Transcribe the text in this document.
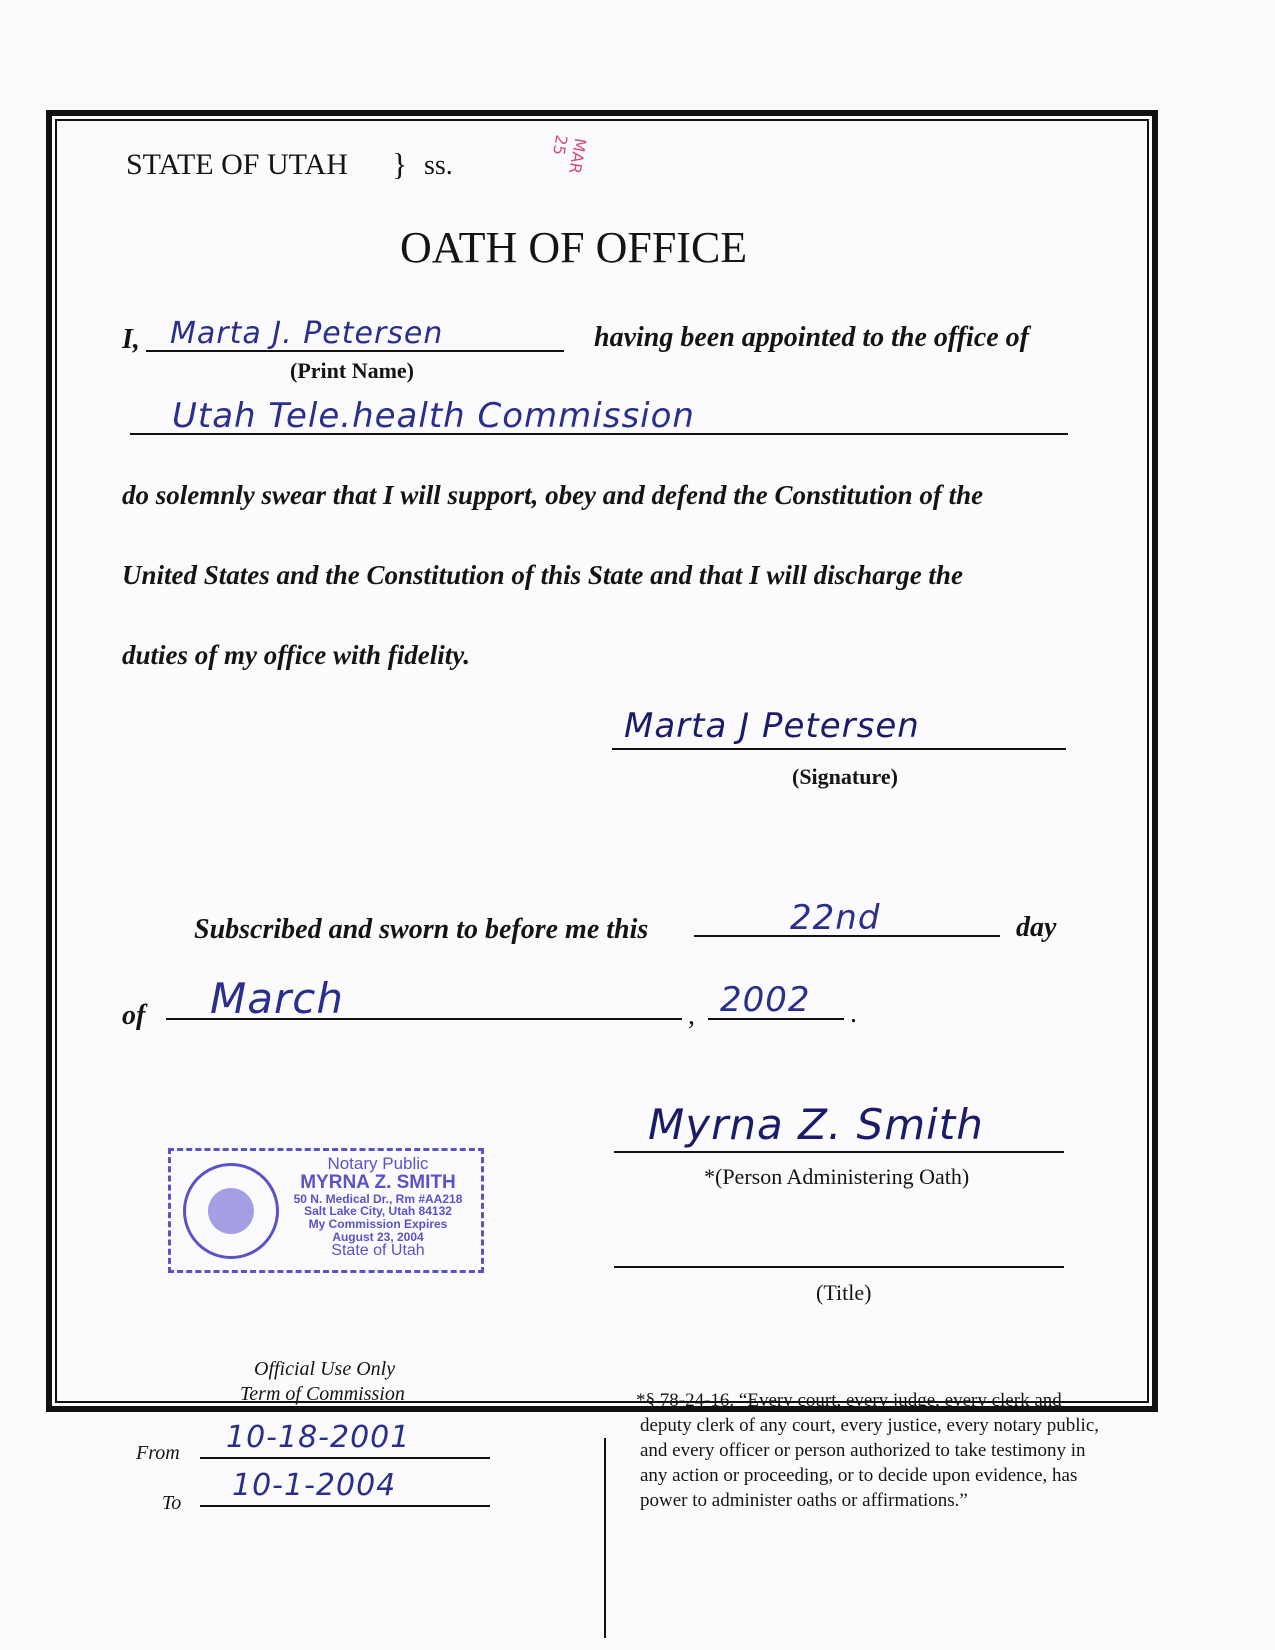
MAR 25
STATE OF UTAH } ss.
OATH OF OFFICE
I, Marta J. Petersen	having been appointed to the office of
(Print Name)
Utah Tele.health Commission
do solemnly swear that I will support, obey and defend the Constitution of the
United States and the Constitution of this State and that I will discharge the
duties of my office with fidelity.
Marta J Petersen
(Signature)
Subscribed and sworn to before me this	22nd	day
of March	, 2002 .
Myrna Z. Smith
*(Person Administering Oath)
Notary Public
MYRNA Z. SMITH
50 N. Medical Dr., Rm #AA218
Salt Lake City, Utah 84132
My Commission Expires
August 23, 2004
State of Utah
(Title)
Official Use Only
Term of Commission
From 10-18-2001
To 10-1-2004
*§ 78-24-16. “Every court, every judge, every clerk and
deputy clerk of any court, every justice, every notary public,
and every officer or person authorized to take testimony in
any action or proceeding, or to decide upon evidence, has
power to administer oaths or affirmations.”
